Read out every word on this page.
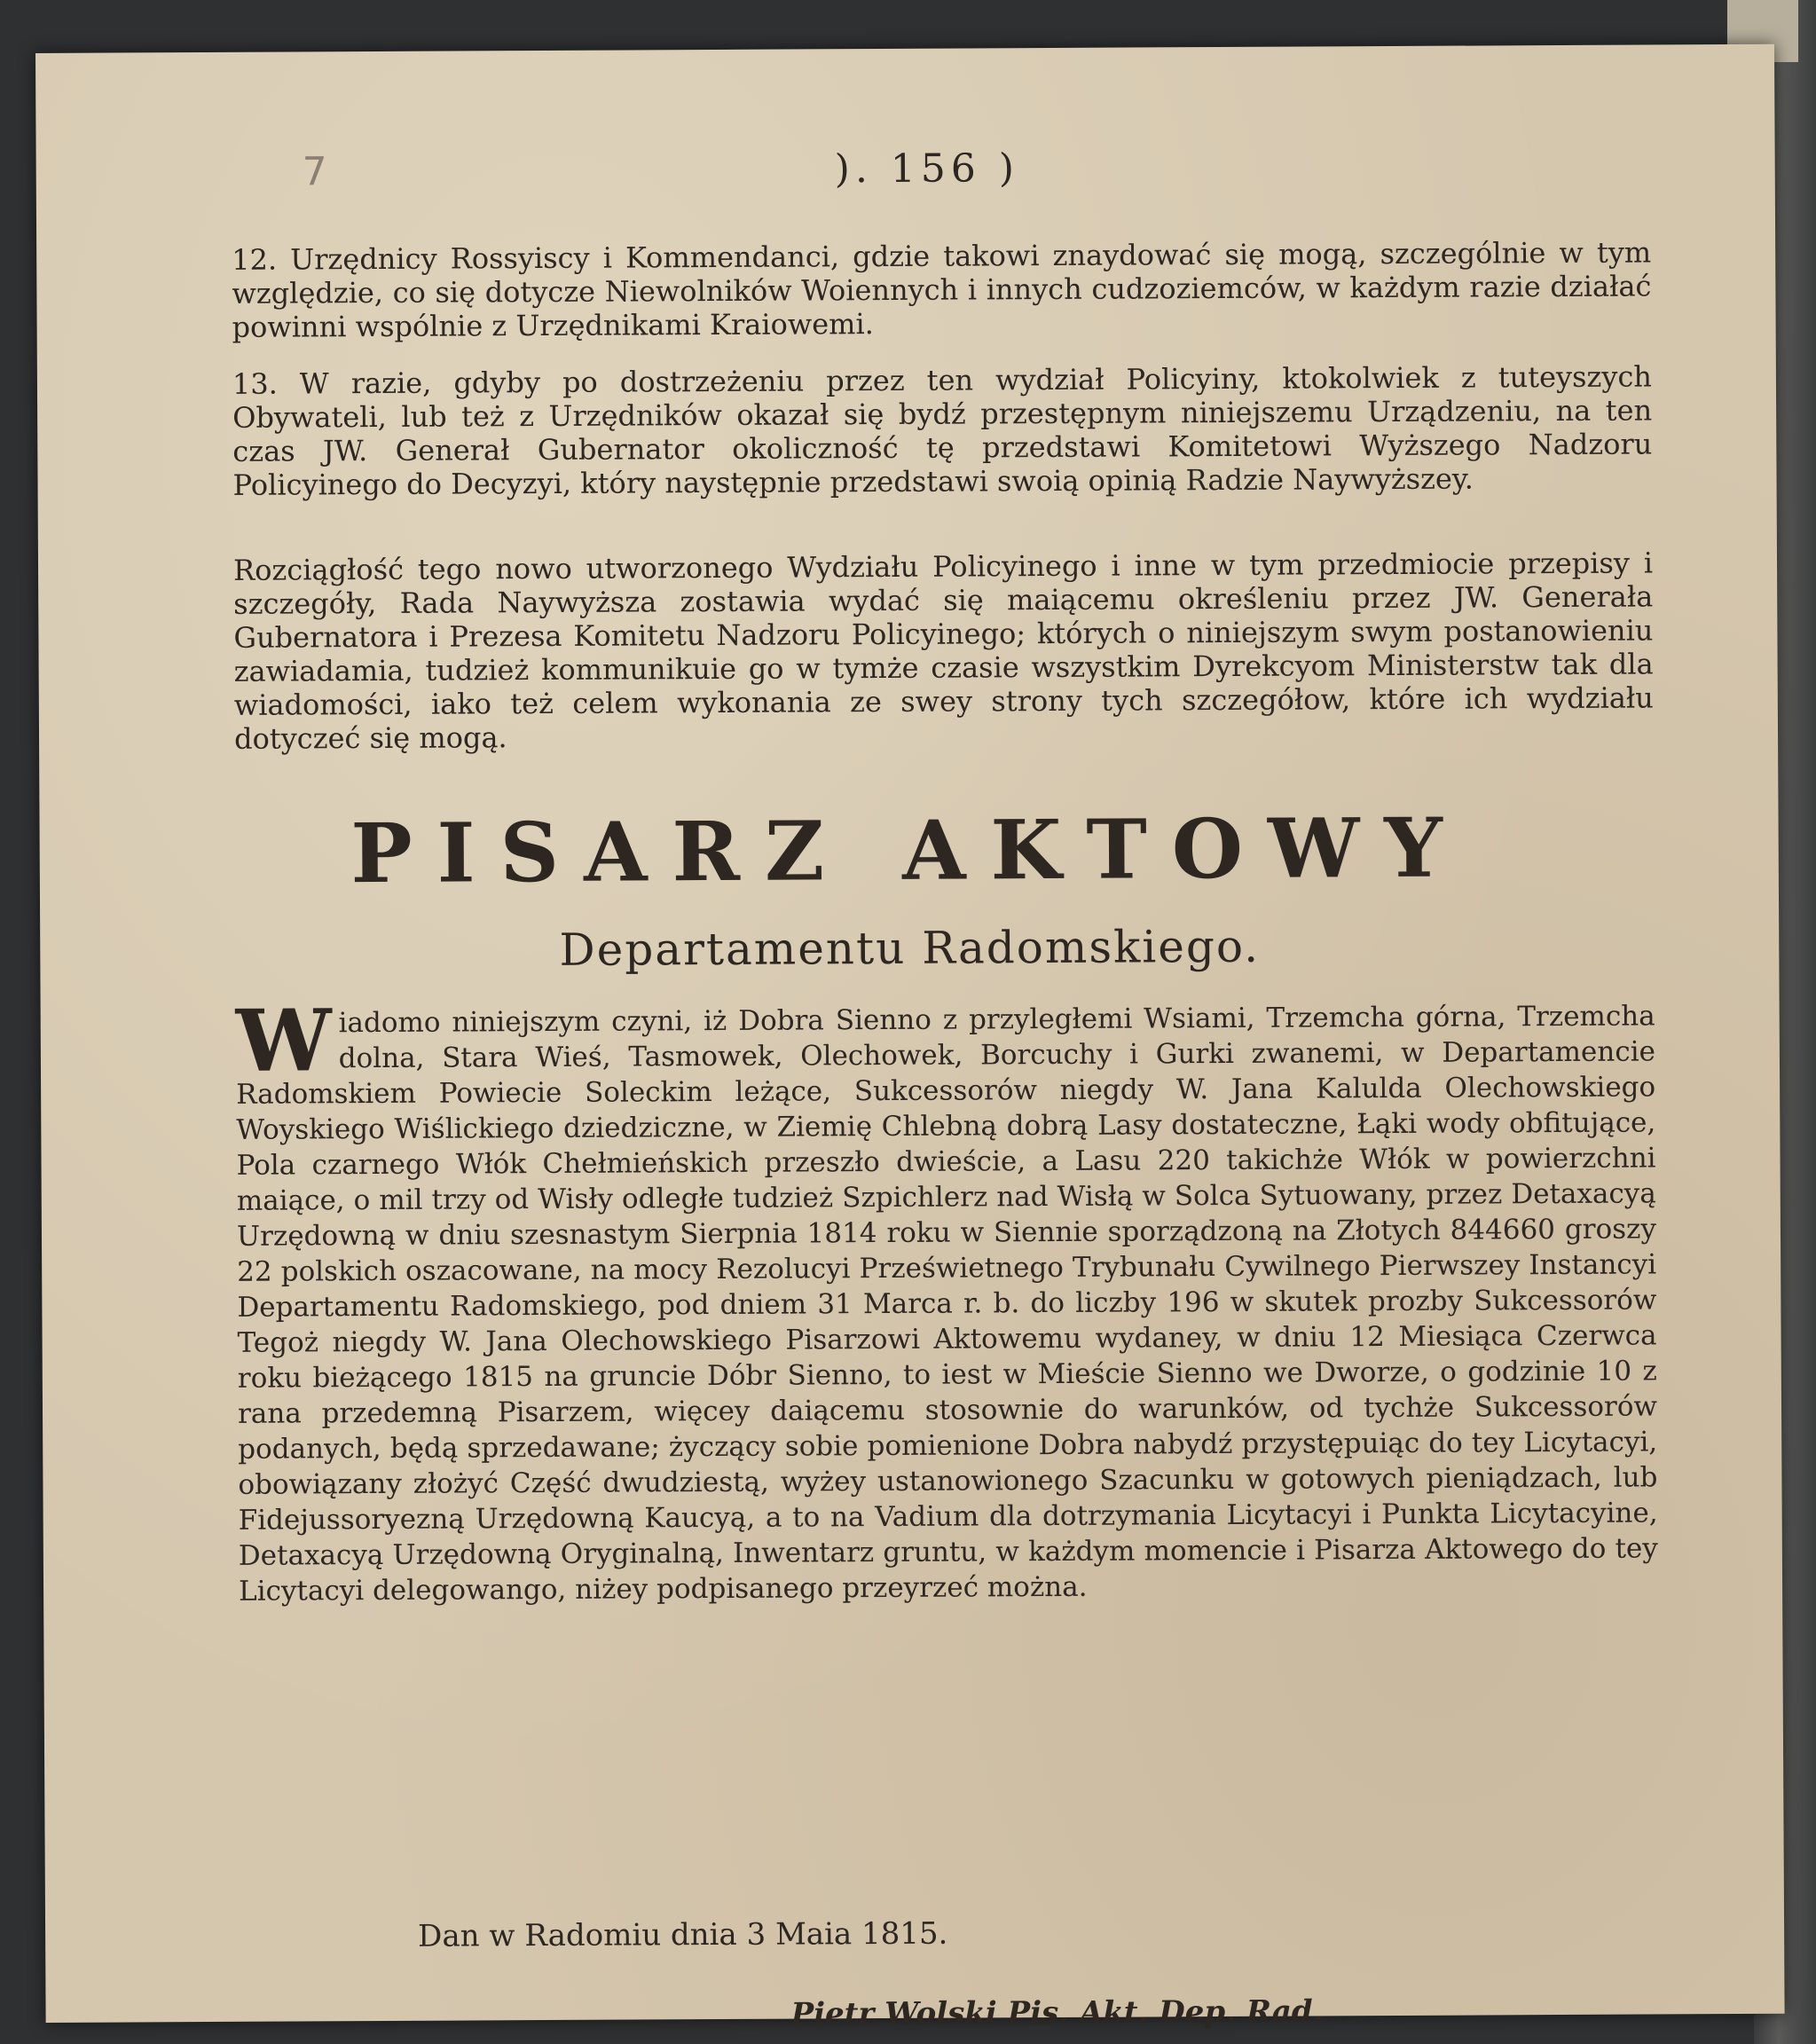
7	). 156 )

12. Urzędnicy Rossyiscy i Kommendanci, gdzie takowi znaydować się mogą, szczególnie w tym względzie, co się dotycze Niewolników Woiennych i innych cudzoziemców, w każdym razie działać powinni wspólnie z Urzędnikami Kraiowemi.

13. W razie, gdyby po dostrzeżeniu przez ten wydział Policyiny, ktokolwiek z tuteyszych Obywateli, lub też z Urzędników okazał się bydź przestępnym niniejszemu Urządzeniu, na ten czas JW. Generał Gubernator okoliczność tę przedstawi Komitetowi Wyższego Nadzoru Policyinego do Decyzyi, który naystępnie przedstawi swoią opinią Radzie Naywyższey.

Rozciągłość tego nowo utworzonego Wydziału Policyinego i inne w tym przedmiocie przepisy i szczegóły, Rada Naywyższa zostawia wydać się maiącemu określeniu przez JW. Generała Gubernatora i Prezesa Komitetu Nadzoru Policyinego; których o niniejszym swym postanowieniu zawiadamia, tudzież kommunikuie go w tymże czasie wszystkim Dyrekcyom Ministerstw tak dla wiadomości, iako też celem wykonania ze swey strony tych szczegółow, które ich wydziału dotyczeć się mogą.

PISARZ AKTOWY
Departamentu Radomskiego.

Wiadomo niniejszym czyni, iż Dobra Sienno z przyległemi Wsiami, Trzemcha górna, Trzemcha dolna, Stara Wieś, Tasmowek, Olechowek, Borcuchy i Gurki zwanemi, w Departamencie Radomskiem Powiecie Soleckim leżące, Sukcessorów niegdy W. Jana Kalulda Olechowskiego Woyskiego Wiślickiego dziedziczne, w Ziemię Chlebną dobrą Lasy dostateczne, Łąki wody obfitujące, Pola czarnego Włók Chełmieńskich przeszło dwieście, a Lasu 220 takichże Włók w powierzchni maiące, o mil trzy od Wisły odległe tudzież Szpichlerz nad Wisłą w Solca Sytuowany, przez Detaxacyą Urzędowną w dniu szesnastym Sierpnia 1814 roku w Siennie sporządzoną na Złotych 844660 groszy 22 polskich oszacowane, na mocy Rezolucyi Prześwietnego Trybunału Cywilnego Pierwszey Instancyi Departamentu Radomskiego, pod dniem 31 Marca r. b. do liczby 196 w skutek prozby Sukcessorów Tegoż niegdy W. Jana Olechowskiego Pisarzowi Aktowemu wydaney, w dniu 12 Miesiąca Czerwca roku bieżącego 1815 na gruncie Dóbr Sienno, to iest w Mieście Sienno we Dworze, o godzinie 10 z rana przedemną Pisarzem, więcey daiącemu stosownie do warunków, od tychże Sukcessorów podanych, będą sprzedawane; życzący sobie pomienione Dobra nabydź przystępuiąc do tey Licytacyi, obowiązany złożyć Część dwudziestą, wyżey ustanowionego Szacunku w gotowych pieniądzach, lub Fidejussoryezną Urzędowną Kaucyą, a to na Vadium dla dotrzymania Licytacyi i Punkta Licytacyine, Detaxacyą Urzędowną Oryginalną, Inwentarz gruntu, w każdym momencie i Pisarza Aktowego do tey Licytacyi delegowango, niżey podpisanego przeyrzeć można.

Dan w Radomiu dnia 3 Maia 1815.
Pietr Wolski Pis. Akt. Dep. Rad.
